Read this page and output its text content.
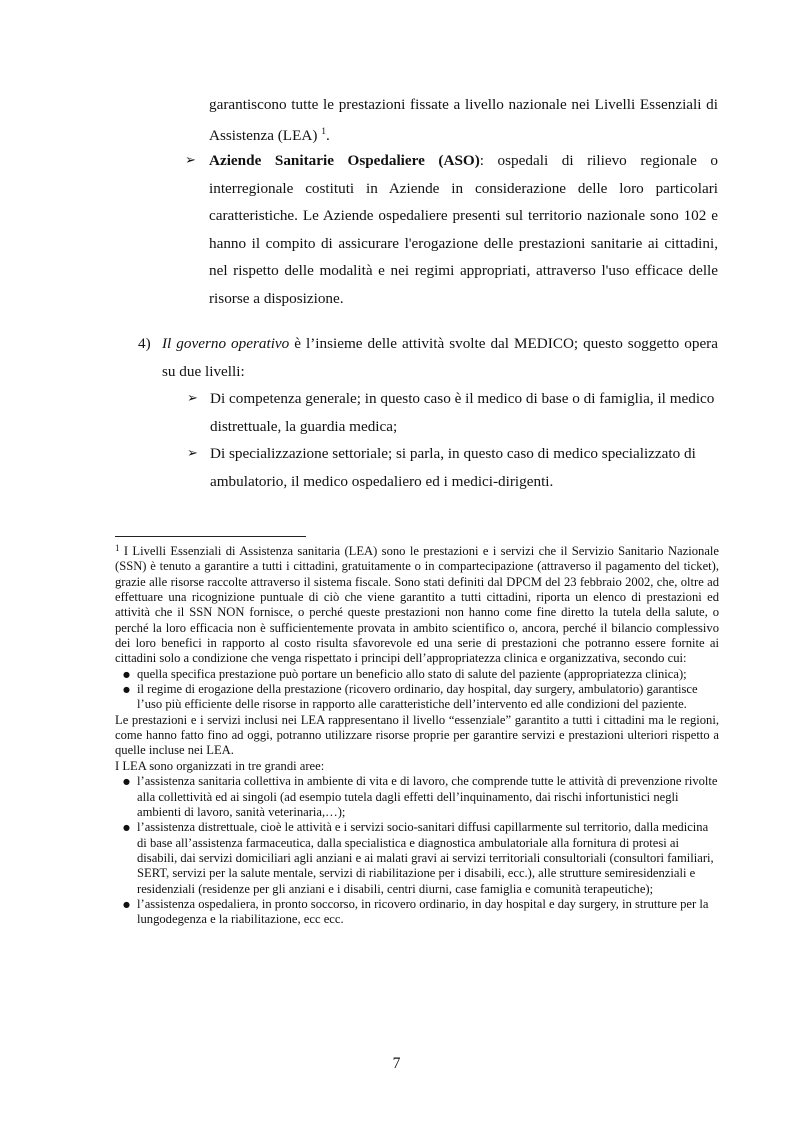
garantiscono tutte le prestazioni fissate a livello nazionale nei Livelli Essenziali di Assistenza (LEA) $^1$.
➢ Aziende Sanitarie Ospedaliere (ASO): ospedali di rilievo regionale o interregionale costituti in Aziende in considerazione delle loro particolari caratteristiche. Le Aziende ospedaliere presenti sul territorio nazionale sono 102 e hanno il compito di assicurare l'erogazione delle prestazioni sanitarie ai cittadini, nel rispetto delle modalità e nei regimi appropriati, attraverso l'uso efficace delle risorse a disposizione.
4) Il governo operativo è l’insieme delle attività svolte dal MEDICO; questo soggetto opera su due livelli:
➢ Di competenza generale; in questo caso è il medico di base o di famiglia, il medico distrettuale, la guardia medica;
➢ Di specializzazione settoriale; si parla, in questo caso di medico specializzato di ambulatorio, il medico ospedaliero ed i medici-dirigenti.

$^1$ I Livelli Essenziali di Assistenza sanitaria (LEA) sono le prestazioni e i servizi che il Servizio Sanitario Nazionale (SSN) è tenuto a garantire a tutti i cittadini, gratuitamente o in compartecipazione (attraverso il pagamento del ticket), grazie alle risorse raccolte attraverso il sistema fiscale. Sono stati definiti dal DPCM del 23 febbraio 2002, che, oltre ad effettuare una ricognizione puntuale di ciò che viene garantito a tutti cittadini, riporta un elenco di prestazioni ed attività che il SSN NON fornisce, o perché queste prestazioni non hanno come fine diretto la tutela della salute, o perché la loro efficacia non è sufficientemente provata in ambito scientifico o, ancora, perché il bilancio complessivo dei loro benefici in rapporto al costo risulta sfavorevole ed una serie di prestazioni che potranno essere fornite ai cittadini solo a condizione che venga rispettato i principi dell’appropriatezza clinica e organizzativa, secondo cui:

● quella specifica prestazione può portare un beneficio allo stato di salute del paziente (appropriatezza clinica);
● il regime di erogazione della prestazione (ricovero ordinario, day hospital, day surgery, ambulatorio) garantisce l’uso più efficiente delle risorse in rapporto alle caratteristiche dell’intervento ed alle condizioni del paziente.

Le prestazioni e i servizi inclusi nei LEA rappresentano il livello “essenziale” garantito a tutti i cittadini ma le regioni, come hanno fatto fino ad oggi, potranno utilizzare risorse proprie per garantire servizi e prestazioni ulteriori rispetto a quelle incluse nei LEA.

I LEA sono organizzati in tre grandi aree:

● l’assistenza sanitaria collettiva in ambiente di vita e di lavoro, che comprende tutte le attività di prevenzione rivolte alla collettività ed ai singoli (ad esempio tutela dagli effetti dell’inquinamento, dai rischi infortunistici negli ambienti di lavoro, sanità veterinaria,…);
● l’assistenza distrettuale, cioè le attività e i servizi socio-sanitari diffusi capillarmente sul territorio, dalla medicina di base all’assistenza farmaceutica, dalla specialistica e diagnostica ambulatoriale alla fornitura di protesi ai disabili, dai servizi domiciliari agli anziani e ai malati gravi ai servizi territoriali consultoriali (consultori familiari, SERT, servizi per la salute mentale, servizi di riabilitazione per i disabili, ecc.), alle strutture semiresidenziali e residenziali (residenze per gli anziani e i disabili, centri diurni, case famiglia e comunità terapeutiche);
● l’assistenza ospedaliera, in pronto soccorso, in ricovero ordinario, in day hospital e day surgery, in strutture per la lungodegenza e la riabilitazione, ecc ecc.
7
